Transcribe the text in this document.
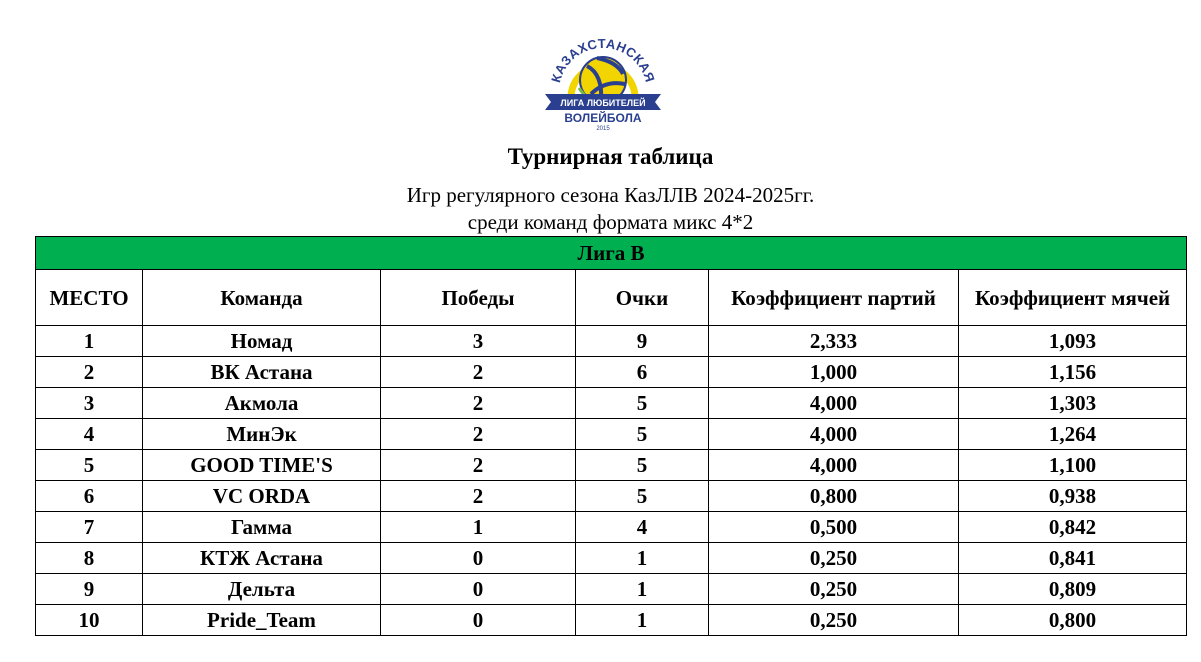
КАЗАХСТАНСКАЯ
ЛИГА ЛЮБИТЕЛЕЙ
ВОЛЕЙБОЛА
2015
Турнирная таблица
Игр регулярного сезона КазЛЛВ 2024-2025гг.
среди команд формата микс 4*2
Лига B					
МЕСТО	Команда	Победы	Очки	Коэффициент партий	Коэффициент мячей
1	Номад	3	9	2,333	1,093
2	ВК Астана	2	6	1,000	1,156
3	Акмола	2	5	4,000	1,303
4	МинЭк	2	5	4,000	1,264
5	GOOD TIME'S	2	5	4,000	1,100
6	VC ORDA	2	5	0,800	0,938
7	Гамма	1	4	0,500	0,842
8	КТЖ Астана	0	1	0,250	0,841
9	Дельта	0	1	0,250	0,809
10	Pride_Team	0	1	0,250	0,800
